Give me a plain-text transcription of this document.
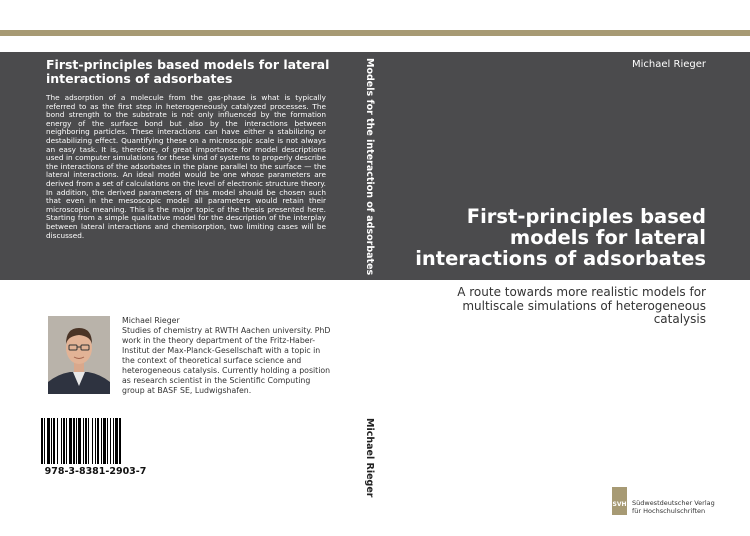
First-principles based models for lateral interactions of adsorbates
The adsorption of a molecule from the gas-phase is what is typically referred to as the first step in heterogeneously catalyzed processes. The bond strength to the substrate is not only influenced by the formation energy of the surface bond but also by the interactions between neighboring particles. These interactions can have either a stabilizing or destabilizing effect. Quantifying these on a microscopic scale is not always an easy task. It is, therefore, of great importance for model descriptions used in computer simulations for these kind of systems to properly describe the interactions of the adsorbates in the plane parallel to the surface — the lateral interactions. An ideal model would be one whose parameters are derived from a set of calculations on the level of electronic structure theory. In addition, the derived parameters of this model should be chosen such that even in the mesoscopic model all parameters would retain their microscopic meaning. This is the major topic of the thesis presented here. Starting from a simple qualitative model for the description of the interplay between lateral interactions and chemisorption, two limiting cases will be discussed.	Models for the interaction of adsorbates
Michael Rieger
Michael Rieger
First-principles based models for lateral interactions of adsorbates
A route towards more realistic models for multiscale simulations of heterogeneous catalysis
Michael Rieger
Studies of chemistry at RWTH Aachen university. PhD work in the theory department of the Fritz-Haber-Institut der Max-Planck-Gesellschaft with a topic in the context of theoretical surface science and heterogeneous catalysis. Currently holding a position as research scientist in the Scientific Computing group at BASF SE, Ludwigshafen.
978-3-8381-2903-7
SVH Südwestdeutscher Verlag
für Hochschulschriften
